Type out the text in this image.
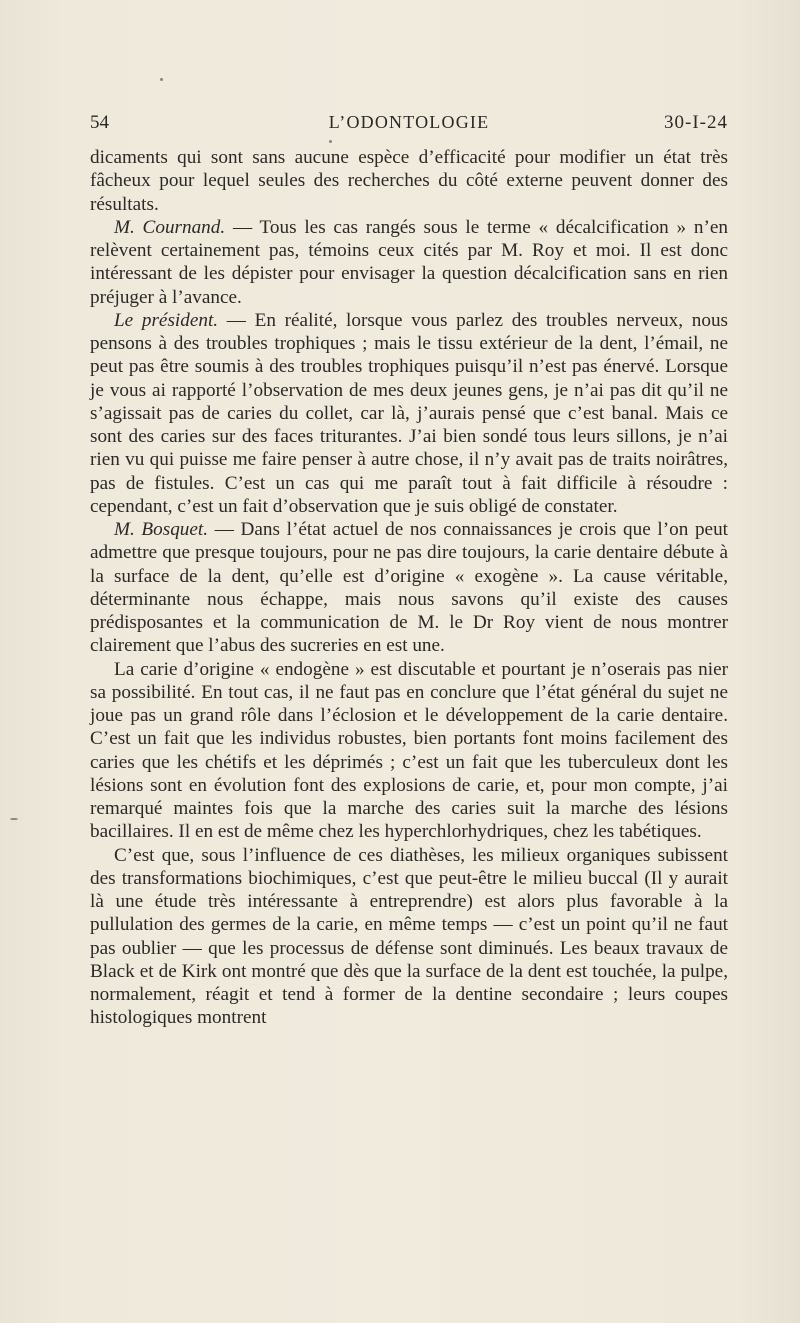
54	L’ODONTOLOGIE	30-I-24

dicaments qui sont sans aucune espèce d’efficacité pour modifier un état très fâcheux pour lequel seules des recherches du côté externe peuvent donner des résultats.

M. Cournand. — Tous les cas rangés sous le terme « décalcification » n’en relèvent certainement pas, témoins ceux cités par M. Roy et moi. Il est donc intéressant de les dépister pour envisager la question décalcification sans en rien préjuger à l’avance.

Le président. — En réalité, lorsque vous parlez des troubles nerveux, nous pensons à des troubles trophiques ; mais le tissu extérieur de la dent, l’émail, ne peut pas être soumis à des troubles trophiques puisqu’il n’est pas énervé. Lorsque je vous ai rapporté l’observation de mes deux jeunes gens, je n’ai pas dit qu’il ne s’agissait pas de caries du collet, car là, j’aurais pensé que c’est banal. Mais ce sont des caries sur des faces triturantes. J’ai bien sondé tous leurs sillons, je n’ai rien vu qui puisse me faire penser à autre chose, il n’y avait pas de traits noirâtres, pas de fistules. C’est un cas qui me paraît tout à fait difficile à résoudre : cependant, c’est un fait d’observation que je suis obligé de constater.

M. Bosquet. — Dans l’état actuel de nos connaissances je crois que l’on peut admettre que presque toujours, pour ne pas dire toujours, la carie dentaire débute à la surface de la dent, qu’elle est d’origine « exogène ». La cause véritable, déterminante nous échappe, mais nous savons qu’il existe des causes prédisposantes et la communication de M. le Dr Roy vient de nous montrer clairement que l’abus des sucreries en est une.

La carie d’origine « endogène » est discutable et pourtant je n’oserais pas nier sa possibilité. En tout cas, il ne faut pas en conclure que l’état général du sujet ne joue pas un grand rôle dans l’éclosion et le développement de la carie dentaire. C’est un fait que les individus robustes, bien portants font moins facilement des caries que les chétifs et les déprimés ; c’est un fait que les tuberculeux dont les lésions sont en évolution font des explosions de carie, et, pour mon compte, j’ai remarqué maintes fois que la marche des caries suit la marche des lésions bacillaires. Il en est de même chez les hyperchlorhydriques, chez les tabétiques.

C’est que, sous l’influence de ces diathèses, les milieux organiques subissent des transformations biochimiques, c’est que peut-être le milieu buccal (Il y aurait là une étude très intéressante à entreprendre) est alors plus favorable à la pullulation des germes de la carie, en même temps — c’est un point qu’il ne faut pas oublier — que les processus de défense sont diminués. Les beaux travaux de Black et de Kirk ont montré que dès que la surface de la dent est touchée, la pulpe, normalement, réagit et tend à former de la dentine secondaire ; leurs coupes histologiques montrent
